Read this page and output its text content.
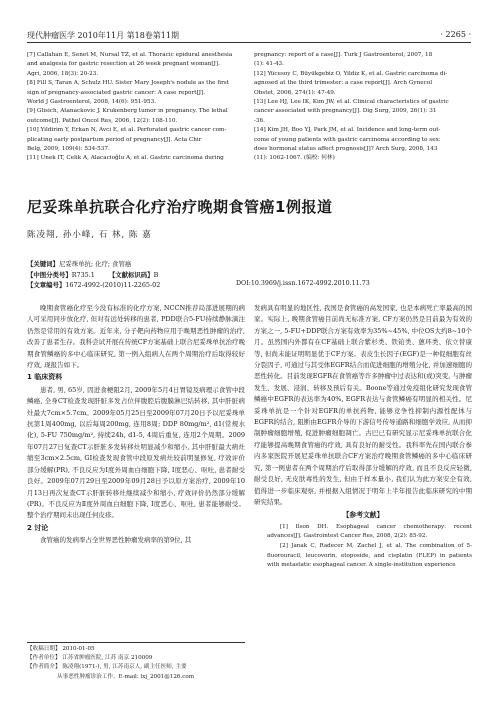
现代肿瘤医学 2010年11月 第18卷第11期	· 2265 ·

[7] Callahan E, Senet M, Nursal TZ, et al. Thoracic epidural anesthesia

and analgesia for gastric resection at 26 week pregnant woman[J].

Agri, 2006, 18(3): 20-23.

[8] Fill S, Taran A, Schulz HU. Sister Mary Joseph's nodule as the first

sign of pregnancy-associated gastric cancer: A case report[J].

World J Gastroenterol, 2008, 14(6): 951-953.

[9] Glisich, Atanackovic J. Krukenberg tumor in pregnancy. The lethal

outcome[J]. Pathol Oncol Res, 2006, 12(2): 108-110.

[10] Yildirim Y, Erkan N, Avci E, et al. Perforated gastric cancer com-

plicating early postpartum period of pregnancy[J]. Acta Chir

Belg, 2009, 109(4): 534-537.

[11] Unek IT, Celik A, Alacacioğlu A, et al. Gastric carcinoma during

pregnancy: report of a case[J]. Turk J Gastroenterol, 2007, 18

(1): 41-43.

[12] Yücesoy C, Büyükgebiz O, Yildiz K, et al. Gastric carcinoma di-

agnosed at the third trimester: a case report[J]. Arch Gynecol

Obstet, 2006, 274(1): 47-49.

[13] Lee HJ, Lee IK, Kim JW, et al. Clinical characteristics of gastric

cancer associated with pregnancy[J]. Dig Surg, 2009, 26(1): 31

-36.

[14] Kim JH, Boo YJ, Park JM, et al. Incidence and long-term out-

come of young patients with gastric carcinoma according to sex:

does hormonal status affect prognosis[J]? Arch Surg, 2008, 143

(11): 1062-1067. (编校: 何林)

尼妥珠单抗联合化疗治疗晚期食管癌1例报道
陈凌翔, 孙小峰, 石 林, 陈 嘉
【关键词】尼妥珠单抗; 化疗; 食管癌
【中图分类号】R735.1 【文献标识码】B
【文章编号】1672-4992-(2010)11-2265-02	DOI:10.3969/j.issn.1672-4992.2010.11.73

晚期食管癌化疗至今没有标准的化疗方案, NCCN推荐局部进展期的病人可采用同步放化疗, 但对有远处转移的患者, PDD联合5-FU持续静脉滴注仍然是常用的有效方案。近年来, 分子靶向药物应用于晚期恶性肿瘤的治疗, 改善了患者生存。我科尝试开展在传统CF方案基础上联合尼妥珠单抗治疗晚期食管鳞癌的多中心临床研究, 第一例入组病人在两个周期治疗后取得较好疗效, 现报告如下。

1 临床资料

患者, 男, 65岁, 因进食梗阻2月, 2009年5月4日胃镜及病理示食管中段鳞癌, 全身CT检查发现肝脏多发占位伴腹腔后腹膜淋巴结转移, 其中肝脏病灶最大7cm×5.7cm。2009年05月25日至2009年07月20日予以尼妥珠单抗第1周400mg, 以后每周200mg, 连用8周; DDP 80mg/m², d1(常规水化), 5-FU 750mg/m², 持续24h, d1-5, 4周后重复, 连用2个周期。2009年07月27日复查CT示肝脏多发转移灶明显减少和缩小, 其中肝脏最大病灶缩至3cm×2.5cm, GI检查发现食管中段原发病灶较前明显修复, 疗效评价部分缓解(PR), 不良反应为Ⅰ度外周血白细胞下降, Ⅰ度恶心、呕吐, 患者耐受良好。2009年07月29日至2009年09月28日予以原方案治疗, 2009年10月13日再次复查CT示肝脏转移灶继续减少和缩小, 疗效评价仍然部分缓解(PR)。不良反应为Ⅱ度外周血白细胞下降, Ⅰ度恶心、呕吐, 患者能够耐受。整个治疗期间未出现任何皮疹。

2 讨论

食管癌的发病率占全世界恶性肿瘤发病率的第9位, 其

发病具有明显的地区性, 我国是食管癌的高发国家, 也是本病死亡率最高的国家。实际上, 晚期食管癌目前尚无标准方案, CF方案仍然是目前最为有效的方案之一, 5-FU+DDP联合方案有效率为35%~45%, 中位OS大约8~10个月。虽然国内外都有在CF基础上联合紫杉类、铁铂类、蒽环类、依立替康等, 但尚未能证明明显优于CF方案。表皮生长因子(EGF)是一种促细胞有丝分裂因子, 可通过与其受体EGFR结合而促进细胞的增殖分化, 并加速细胞的恶性转化。目前发现EGFR在食管癌等许多肿瘤中过表达和(或)突变, 与肿瘤发生、发展、浸润、转移及预后有关。Boone等通过免疫组化研究发现食管鳞癌中EGFR的表达率为40%, EGFR表达与食管鳞癌有明显的相关性。尼妥珠单抗是一个针对EGFR的单抗药物, 能够竞争性抑制内源性配体与EGFR的结合, 阻断由EGFR介导的下游信号传导通路和细胞学效应, 从而抑制肿瘤细胞增殖, 促进肿瘤细胞凋亡。古巴已有研究显示尼妥珠单抗联合化疗能够提高晚期食管癌的疗效, 具有良好的耐受性。我科率先在国内联合参内多家医院开展尼妥珠单抗联合CF方案治疗晚期食管鳞癌的多中心临床研究, 第一例患者在两个周期治疗后取得部分缓解的疗效, 而且不良反应轻微, 耐受良好, 无皮肤毒性的发生, 但由于样本量小, 我们认为此方案安全有效, 值得进一步临床观察, 并根据入组情况于明年上半年报告此临床研究的中期研究结果。

【参考文献】

[1] Ilson DH. Esophageal cancer chemotherapy: recent advances[J]. Gastrointest Cancer Res, 2008, 2(2): 85-92.

[2] Janak C, Radecer M, Zachel J, et al. The combination of 5-fluorouracil, leucovorin, etoposide, and cisplatin (FLEP) in patients with metastatic esophageal cancer. A single-institution experience

【收稿日期】 2010-01-05
【作者单位】 江苏省肿瘤医院, 江苏 南京 210009
【作者简介】 陈凌翔(1971-), 男, 江苏南京人, 副主任医师, 主要
从事恶性肿瘤诊治工作。E-mail: lxj_2001@126.com
